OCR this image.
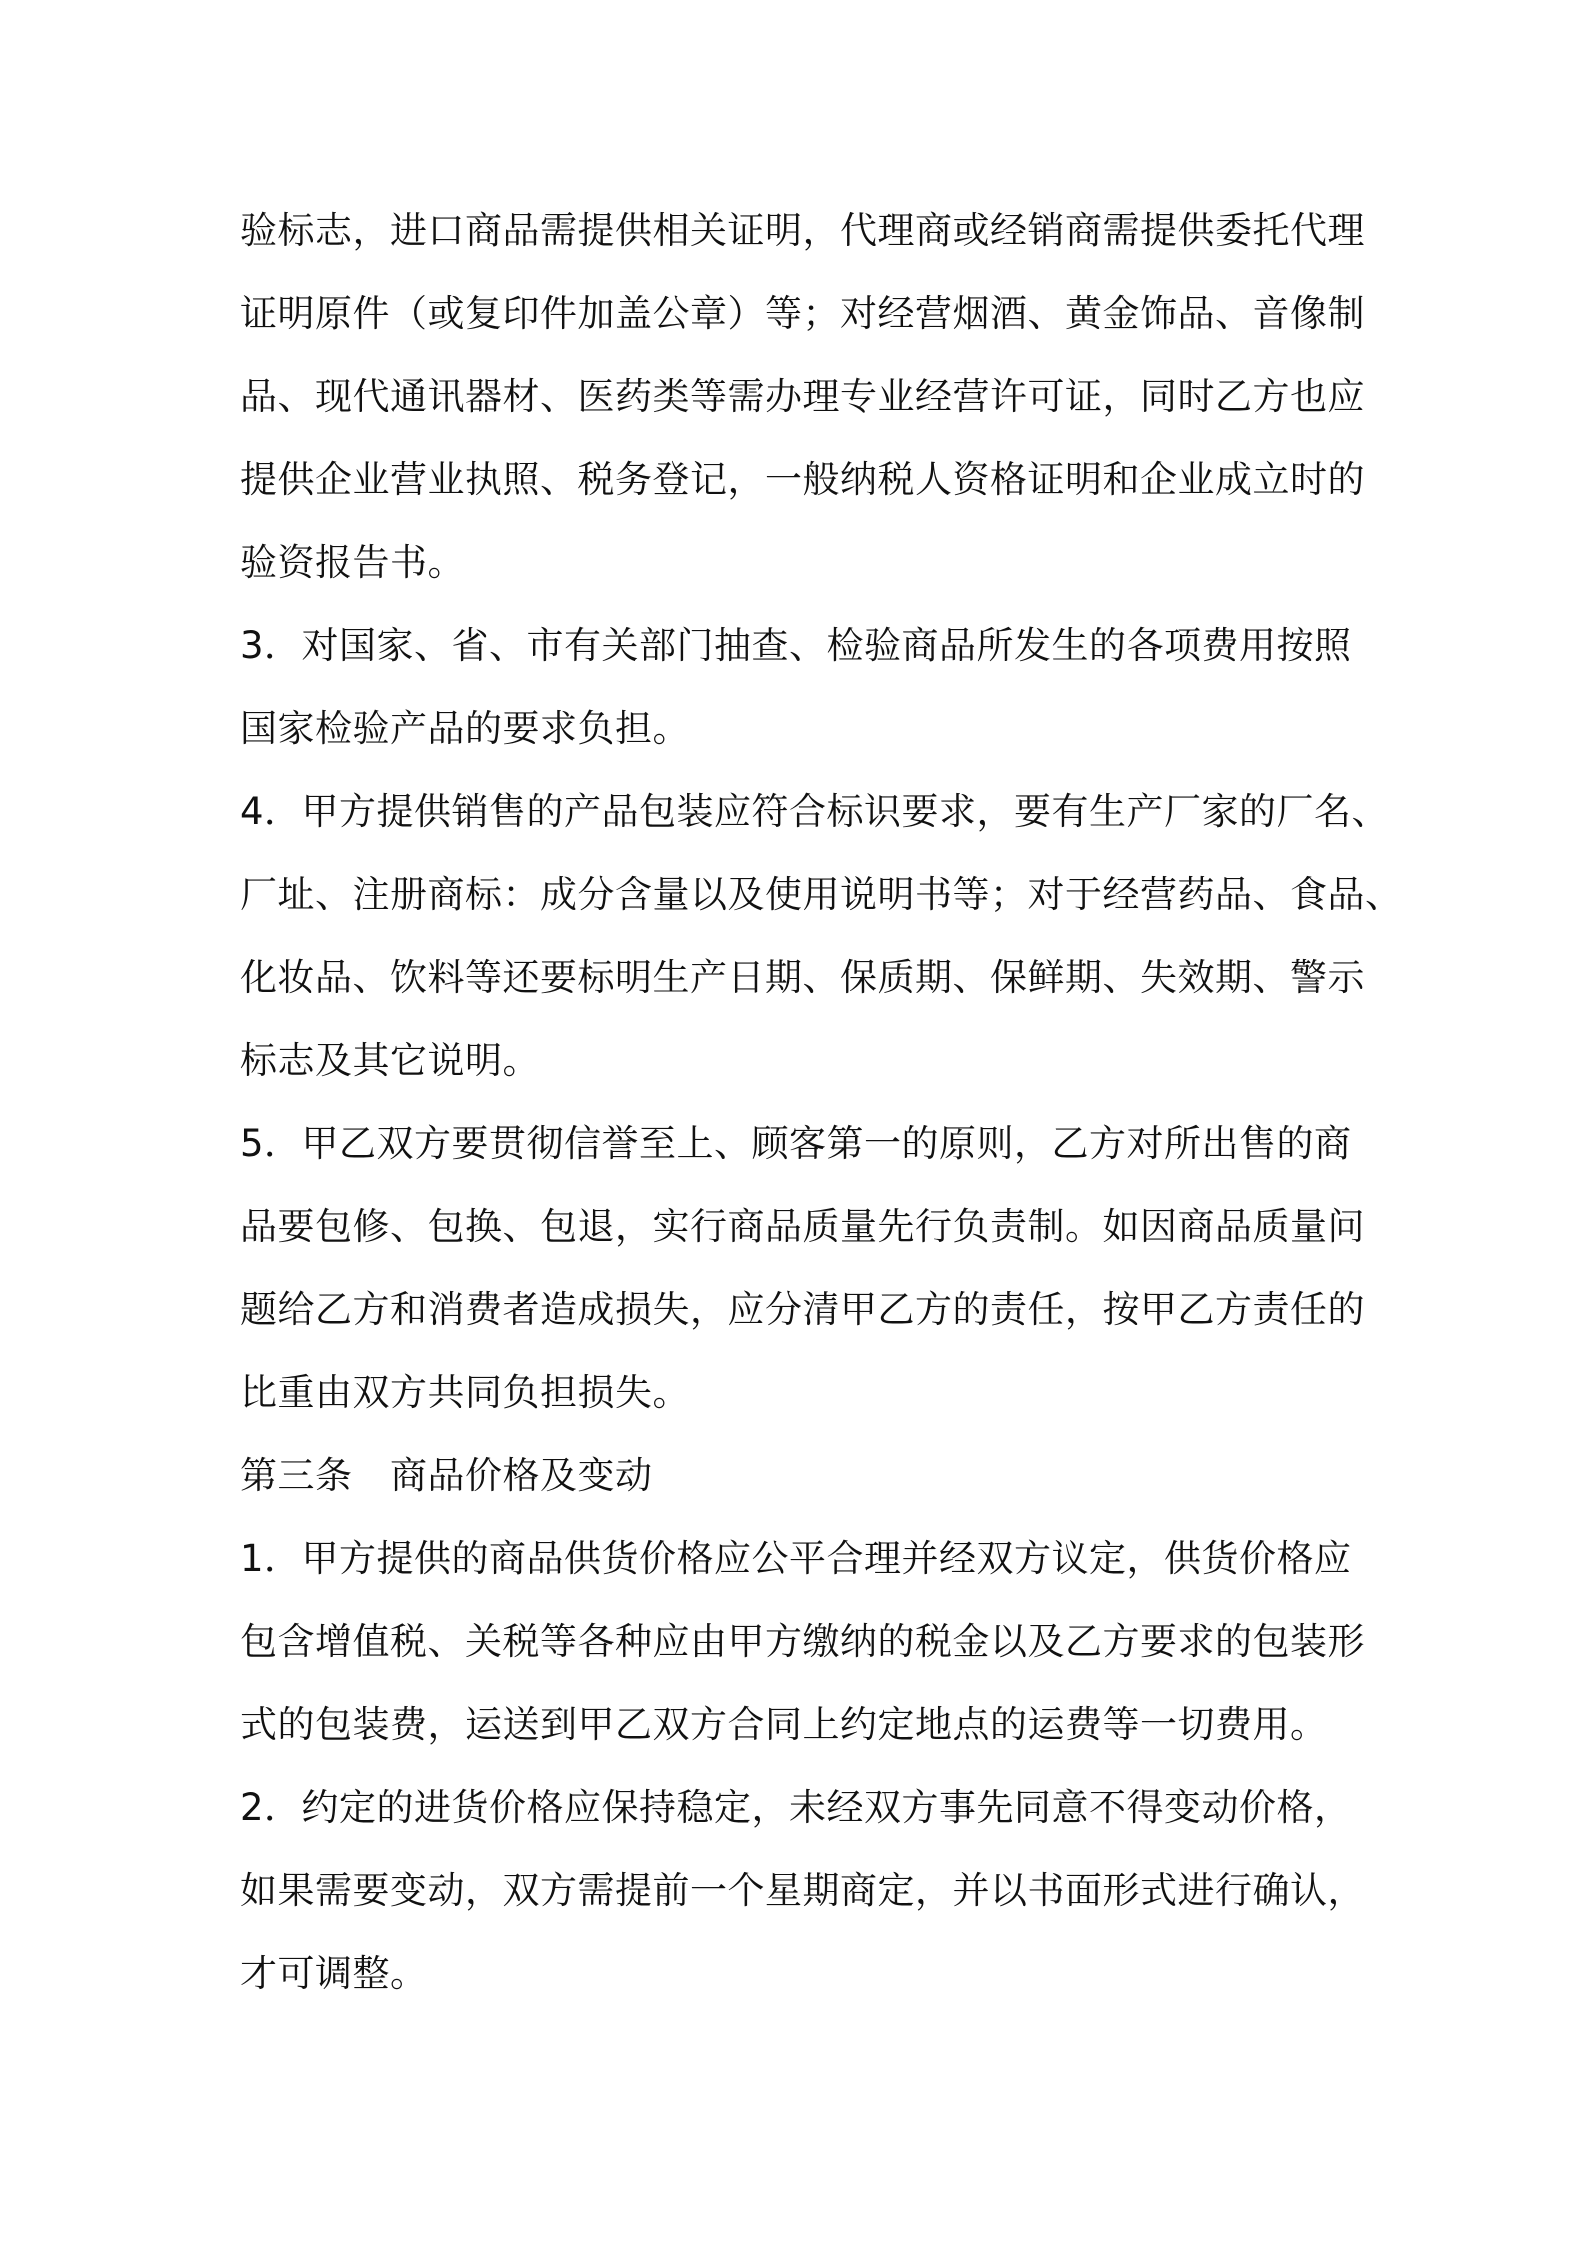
验标志，进口商品需提供相关证明，代理商或经销商需提供委托代理
证明原件（或复印件加盖公章）等；对经营烟酒、黄金饰品、音像制
品、现代通讯器材、医药类等需办理专业经营许可证，同时乙方也应
提供企业营业执照、税务登记，一般纳税人资格证明和企业成立时的
验资报告书。
3．对国家、省、市有关部门抽查、检验商品所发生的各项费用按照
国家检验产品的要求负担。
4．甲方提供销售的产品包装应符合标识要求，要有生产厂家的厂名、
厂址、注册商标：成分含量以及使用说明书等；对于经营药品、食品、
化妆品、饮料等还要标明生产日期、保质期、保鲜期、失效期、警示
标志及其它说明。
5．甲乙双方要贯彻信誉至上、顾客第一的原则，乙方对所出售的商
品要包修、包换、包退，实行商品质量先行负责制。如因商品质量问
题给乙方和消费者造成损失，应分清甲乙方的责任，按甲乙方责任的
比重由双方共同负担损失。
第三条　商品价格及变动
1．甲方提供的商品供货价格应公平合理并经双方议定，供货价格应
包含增值税、关税等各种应由甲方缴纳的税金以及乙方要求的包装形
式的包装费，运送到甲乙双方合同上约定地点的运费等一切费用。
2．约定的进货价格应保持稳定，未经双方事先同意不得变动价格，
如果需要变动，双方需提前一个星期商定，并以书面形式进行确认，
才可调整。
